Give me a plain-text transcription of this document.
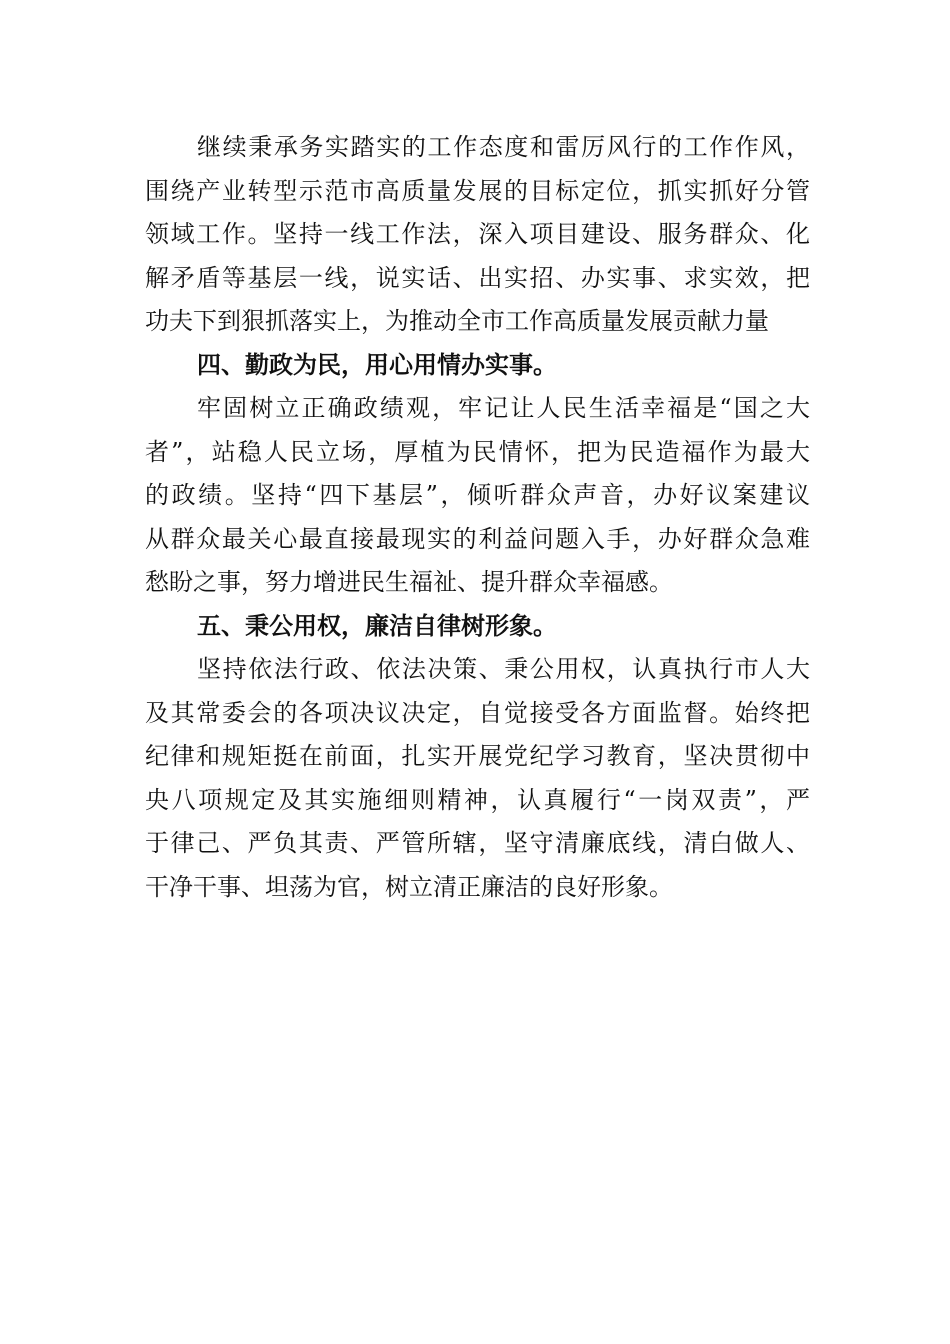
继续秉承务实踏实的工作态度和雷厉风行的工作作风，
围绕产业转型示范市高质量发展的目标定位，抓实抓好分管
领域工作。坚持一线工作法，深入项目建设、服务群众、化
解矛盾等基层一线，说实话、出实招、办实事、求实效，把
功夫下到狠抓落实上，为推动全市工作高质量发展贡献力量
四、勤政为民，用心用情办实事。
牢固树立正确政绩观，牢记让人民生活幸福是“国之大
者”，站稳人民立场，厚植为民情怀，把为民造福作为最大
的政绩。坚持“四下基层”，倾听群众声音，办好议案建议
从群众最关心最直接最现实的利益问题入手，办好群众急难
愁盼之事，努力增进民生福祉、提升群众幸福感。
五、秉公用权，廉洁自律树形象。
坚持依法行政、依法决策、秉公用权，认真执行市人大
及其常委会的各项决议决定，自觉接受各方面监督。始终把
纪律和规矩挺在前面，扎实开展党纪学习教育，坚决贯彻中
央八项规定及其实施细则精神，认真履行“一岗双责”，严
于律己、严负其责、严管所辖，坚守清廉底线，清白做人、
干净干事、坦荡为官，树立清正廉洁的良好形象。
